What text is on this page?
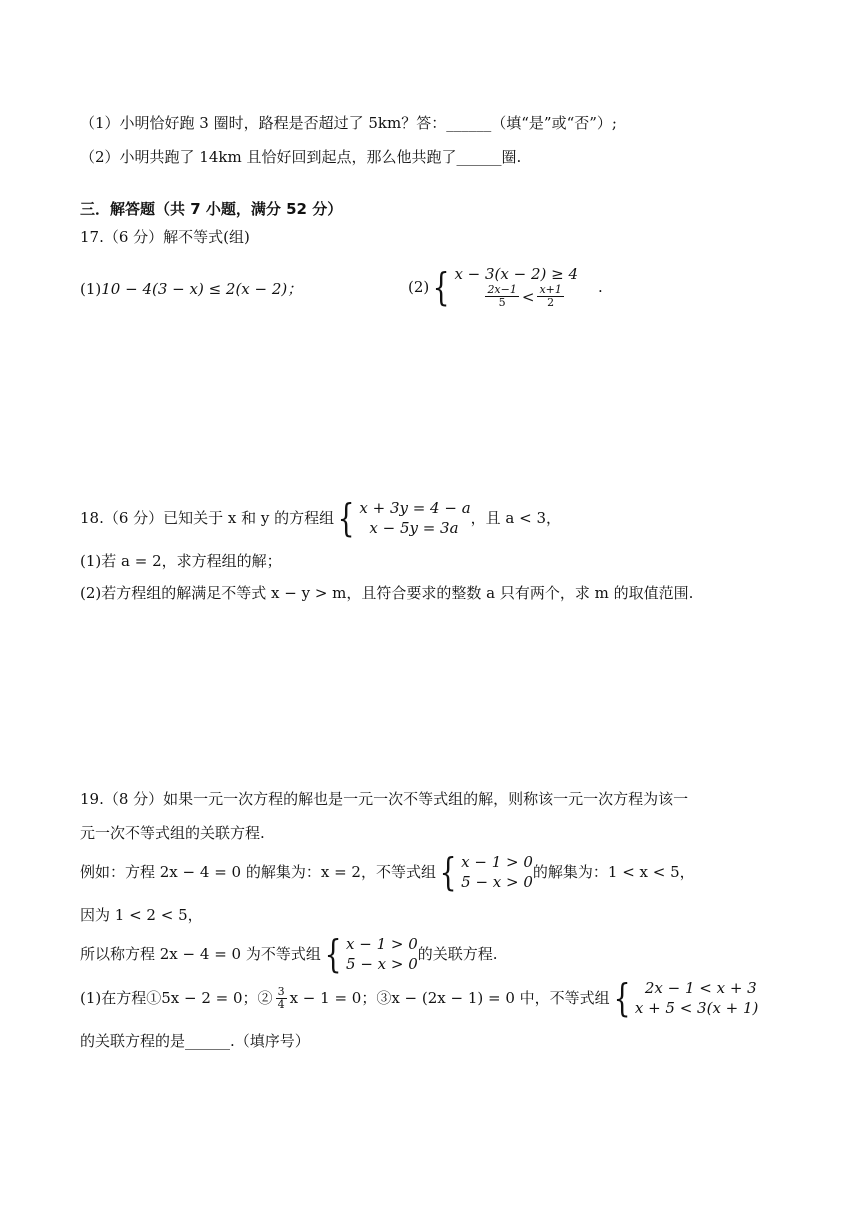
（1）小明恰好跑 3 圈时，路程是否超过了 5km？答：______（填“是”或“否”）;
（2）小明共跑了 14km 且恰好回到起点，那么他共跑了______圈.
三．解答题（共 7 小题，满分 52 分）
17.（6 分）解不等式(组)
(1)10 − 4(3 − x) ≤ 2(x − 2)；	(2) { x − 3(x − 2) ≥ 4
$\frac{2x-1}{5} < \frac{x+1}{2}$ .
18.（6 分）已知关于 x 和 y 的方程组 { x + 3y = 4 − a
x − 5y = 3a
，且 a < 3，
(1)若 a = 2，求方程组的解；
(2)若方程组的解满足不等式 x − y > m，且符合要求的整数 a 只有两个，求 m 的取值范围.
19.（8 分）如果一元一次方程的解也是一元一次不等式组的解，则称该一元一次方程为该一
元一次不等式组的关联方程.
例如：方程 2x − 4 = 0 的解集为：x = 2，不等式组 { x − 1 > 0
5 − x > 0
的解集为：1 < x < 5，
因为 1 < 2 < 5，
所以称方程 2x − 4 = 0 为不等式组 { x − 1 > 0
5 − x > 0
的关联方程.
(1)在方程①5x − 2 = 0；② $\frac{3}{4}$ x − 1 = 0；③x − (2x − 1) = 0 中，不等式组 { 2x − 1 < x + 3
x + 5 < 3(x + 1)
的关联方程的是______.（填序号）
